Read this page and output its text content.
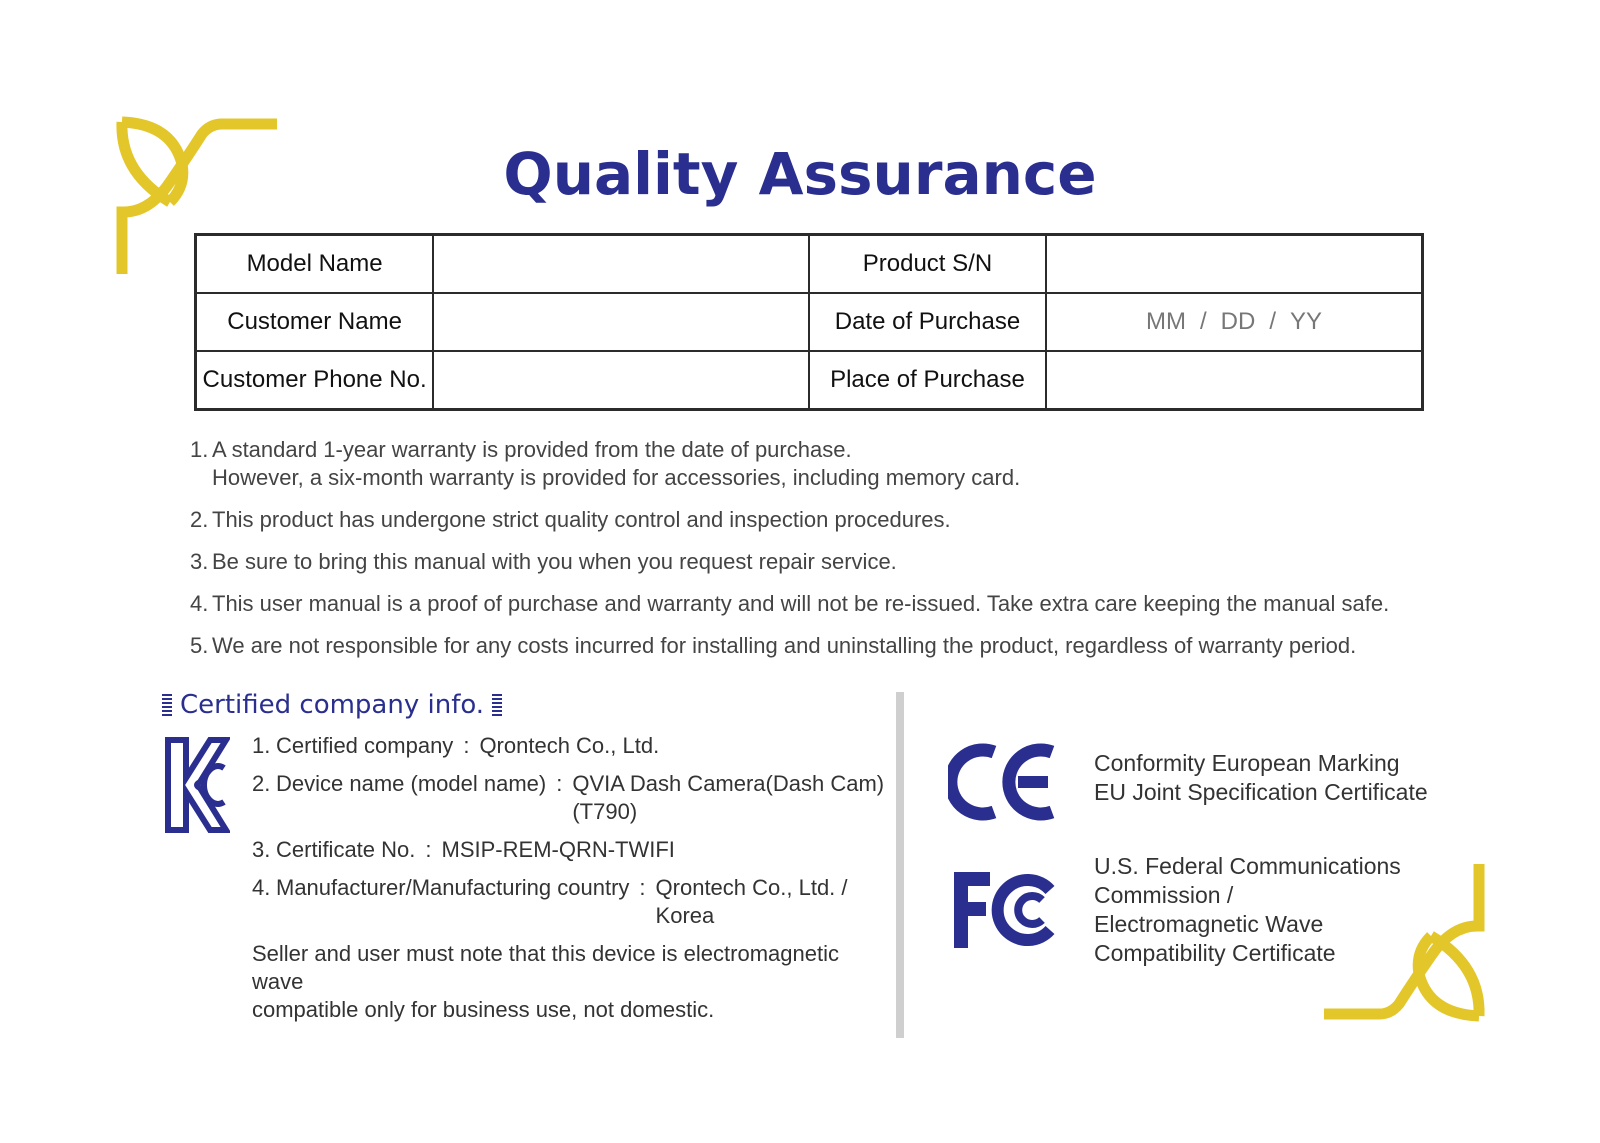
Quality Assurance
Model Name		Product S/N	
Customer Name		Date of Purchase	MM / DD / YY
Customer Phone No.		Place of Purchase	
1. A standard 1-year warranty is provided from the date of purchase.
However, a six-month warranty is provided for accessories, including memory card.
2. This product has undergone strict quality control and inspection procedures.
3. Be sure to bring this manual with you when you request repair service.
4. This user manual is a proof of purchase and warranty and will not be re-issued. Take extra care keeping the manual safe.
5. We are not responsible for any costs incurred for installing and uninstalling the product, regardless of warranty period.
Certified company info.
1. Certified company : Qrontech Co., Ltd.
2. Device name (model name) : QVIA Dash Camera(Dash Cam)
(T790)
3. Certificate No. : MSIP-REM-QRN-TWIFI
4. Manufacturer/Manufacturing country : Qrontech Co., Ltd. /
Korea
Seller and user must note that this device is electromagnetic wave
compatible only for business use, not domestic.
Conformity European Marking
EU Joint Specification Certificate
U.S. Federal Communications
Commission /
Electromagnetic Wave
Compatibility Certificate
